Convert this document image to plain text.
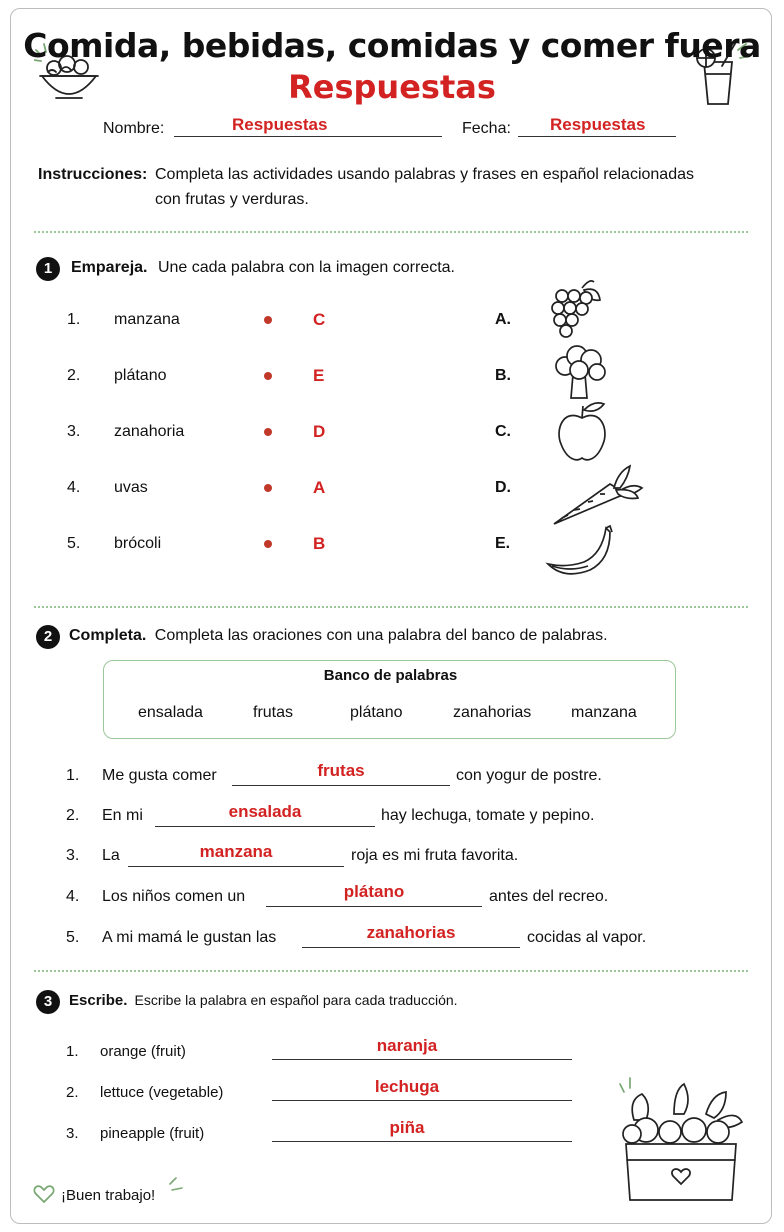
Comida, bebidas, comidas y comer fuera
Respuestas
Nombre:	Respuestas	Fecha: Respuestas
Instrucciones: Completa las actividades usando palabras y frases en español relacionadas
con frutas y verduras.
1	Empareja. Une cada palabra con la imagen correcta.
1. manzana	C
2. plátano	E
3. zanahoria	D
4. uvas	A
5. brócoli	B
A.
B.
C.
D.
E.
2	Completa. Completa las oraciones con una palabra del banco de palabras.
Banco de palabras
ensalada	frutas	plátano	zanahorias manzana
1. Me gusta comer	frutas	con yogur de postre.
2. En mi	ensalada	hay lechuga, tomate y pepino.
3. La	manzana	roja es mi fruta favorita.
4. Los niños comen un	plátano	antes del recreo.
5. A mi mamá le gustan las	zanahorias	cocidas al vapor.
3	Escribe. Escribe la palabra en español para cada traducción.
1. orange (fruit)	naranja
2. lettuce (vegetable)	lechuga
3. pineapple (fruit)	piña
¡Buen trabajo!
